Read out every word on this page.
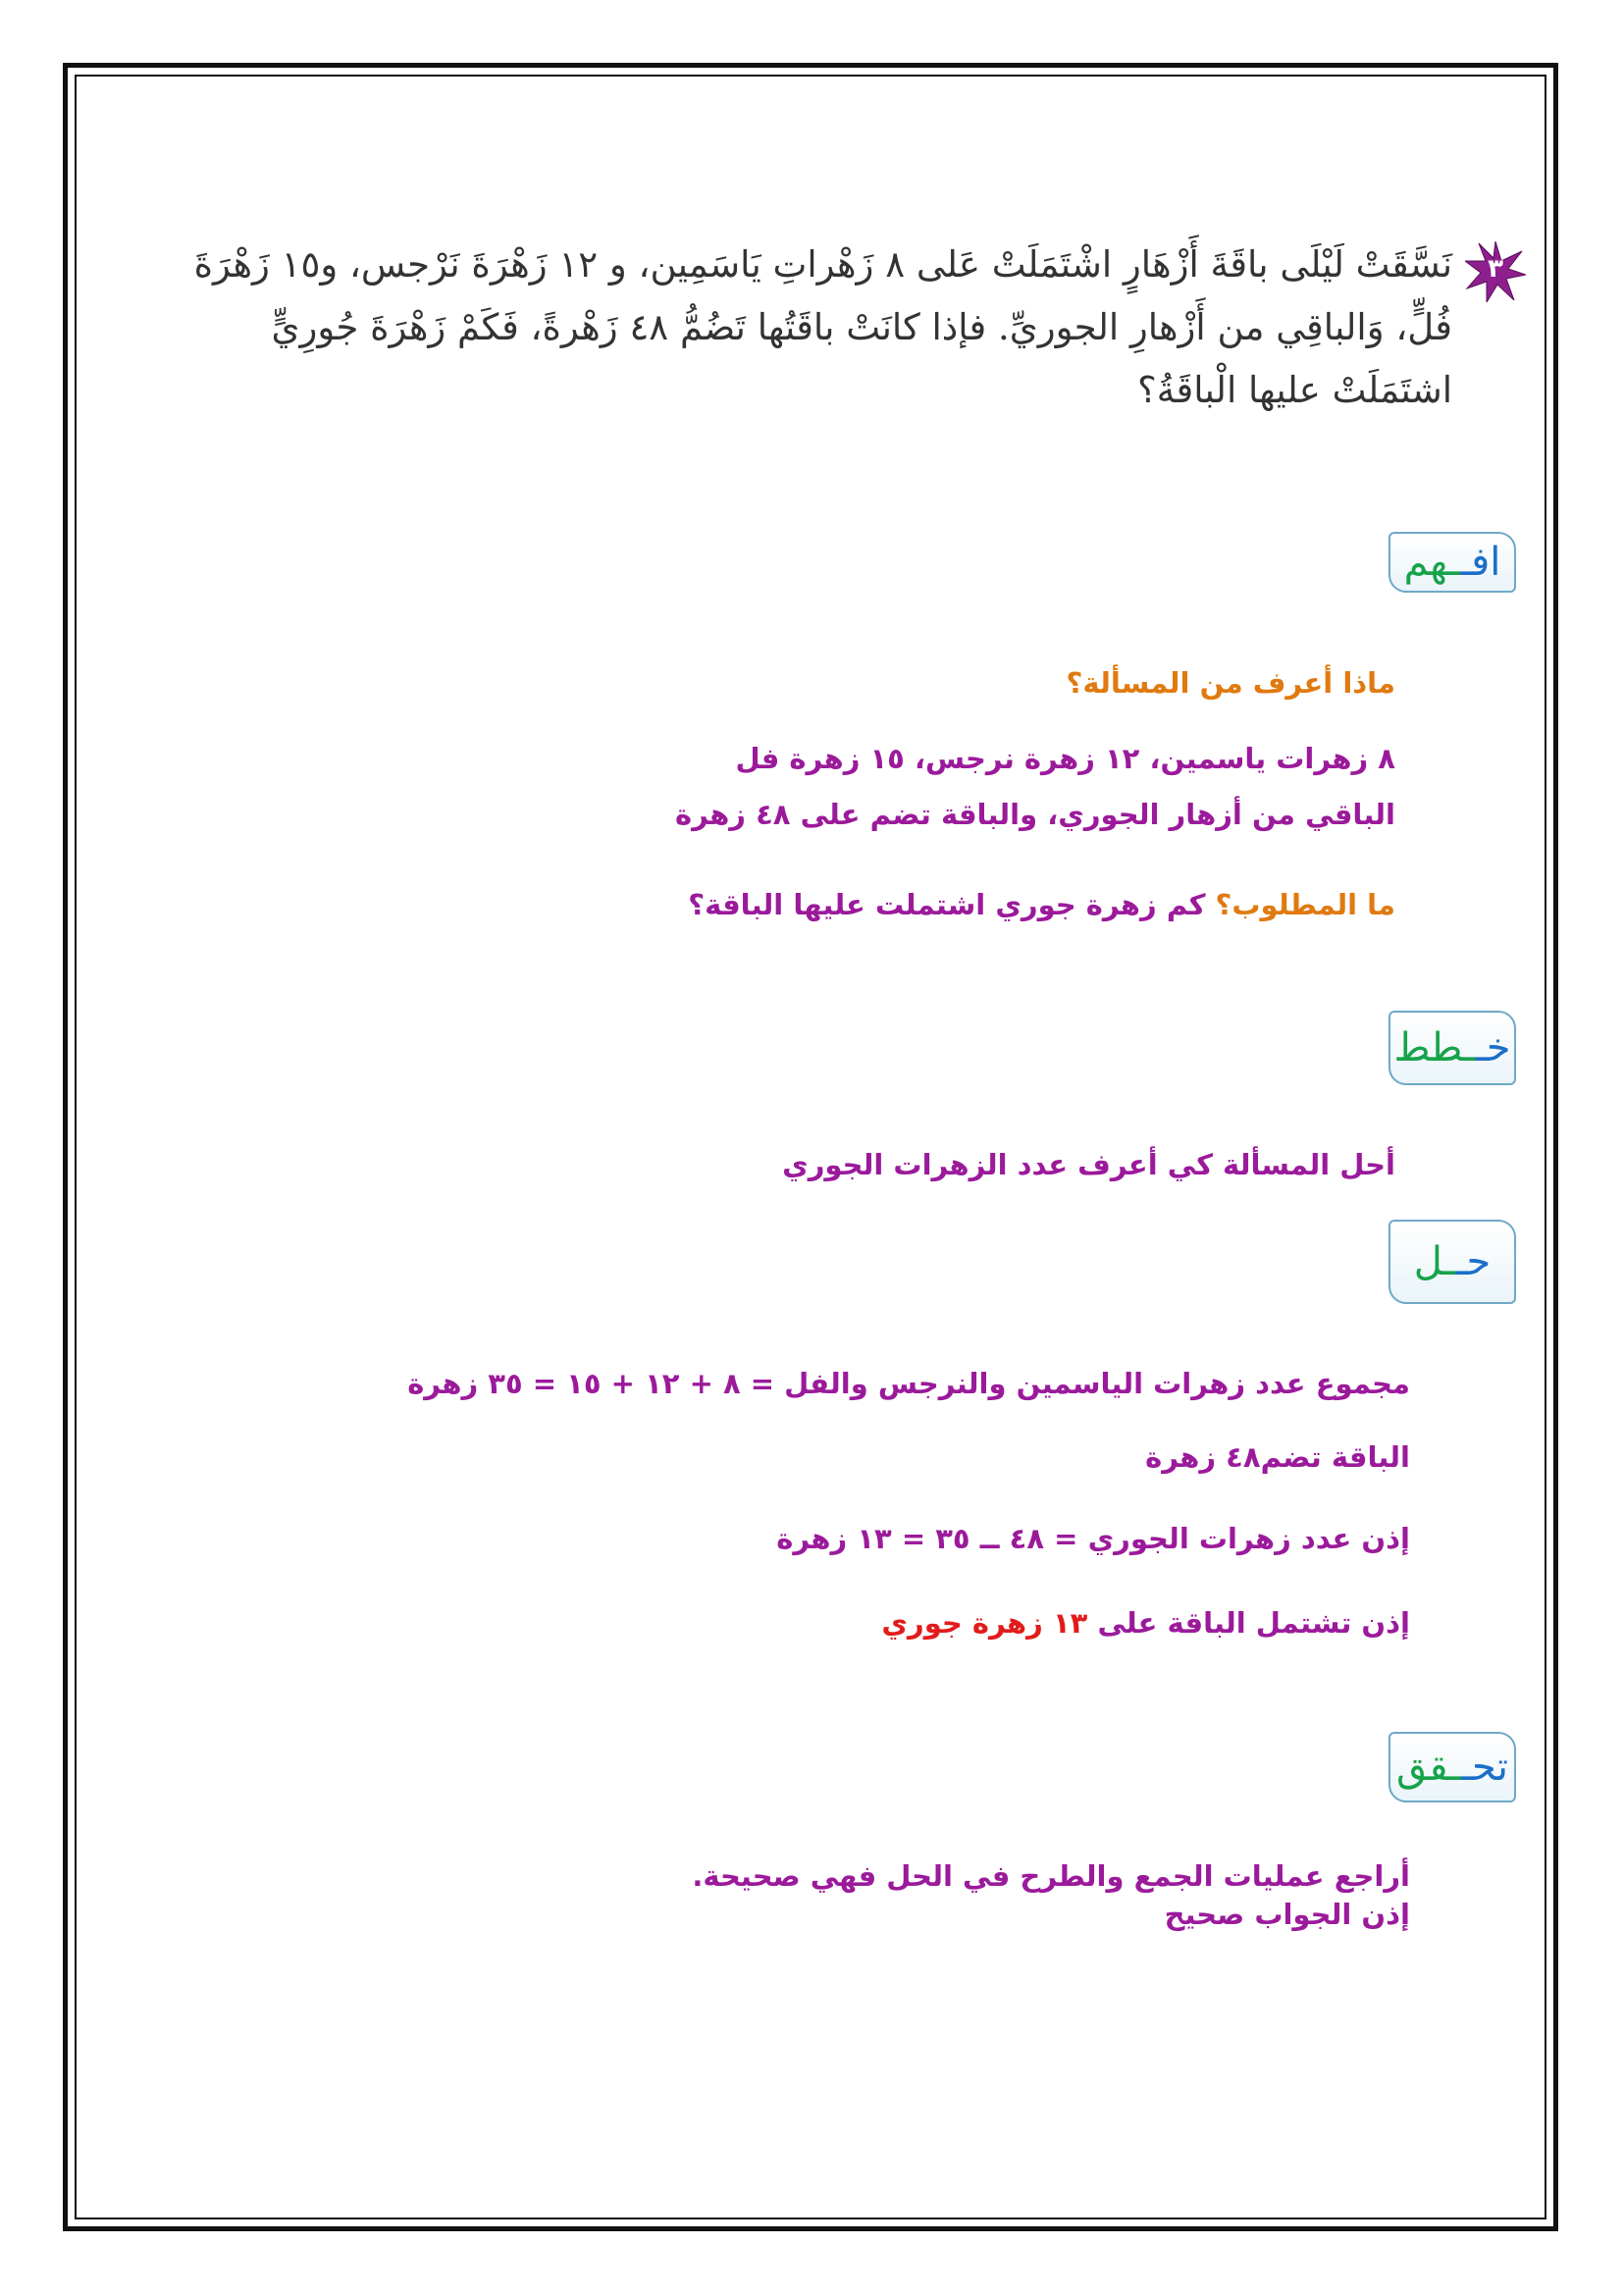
٣
نَسَّقَتْ لَيْلَى باقَةَ أَزْهَارٍ اشْتَمَلَتْ عَلى ٨ زَهْراتِ يَاسَمِين، و ١٢ زَهْرَةَ نَرْجس، و١٥ زَهْرَةَ فُلٍّ، وَالباقِي من أَزْهارِ الجوريِّ. فإذا كانَتْ باقَتُها تَضُمُّ ٤٨ زَهْرةً، فَكَمْ زَهْرَةَ جُورِيٍّ اشتَمَلَتْ عليها الْباقَةُ؟
افـ
ـهم
ماذا أعرف من المسألة؟
٨ زهرات ياسمين، ١٢ زهرة نرجس، ١٥ زهرة فل
الباقي من أزهار الجوري، والباقة تضم على ٤٨ زهرة
ما المطلوب؟ كم زهرة جوري اشتملت عليها الباقة؟
خـ
ـطط
أحل المسألة كي أعرف عدد الزهرات الجوري
حـ
ـل
مجموع عدد زهرات الياسمين والنرجس والفل = ٨ + ١٢ + ١٥ = ٣٥ زهرة
الباقة تضم٤٨ زهرة
إذن عدد زهرات الجوري = ٤٨ ــ ٣٥ = ١٣ زهرة
إذن تشتمل الباقة على ١٣ زهرة جوري
تحـ
ـقق
أراجع عمليات الجمع والطرح في الحل فهي صحيحة.
إذن الجواب صحيح
